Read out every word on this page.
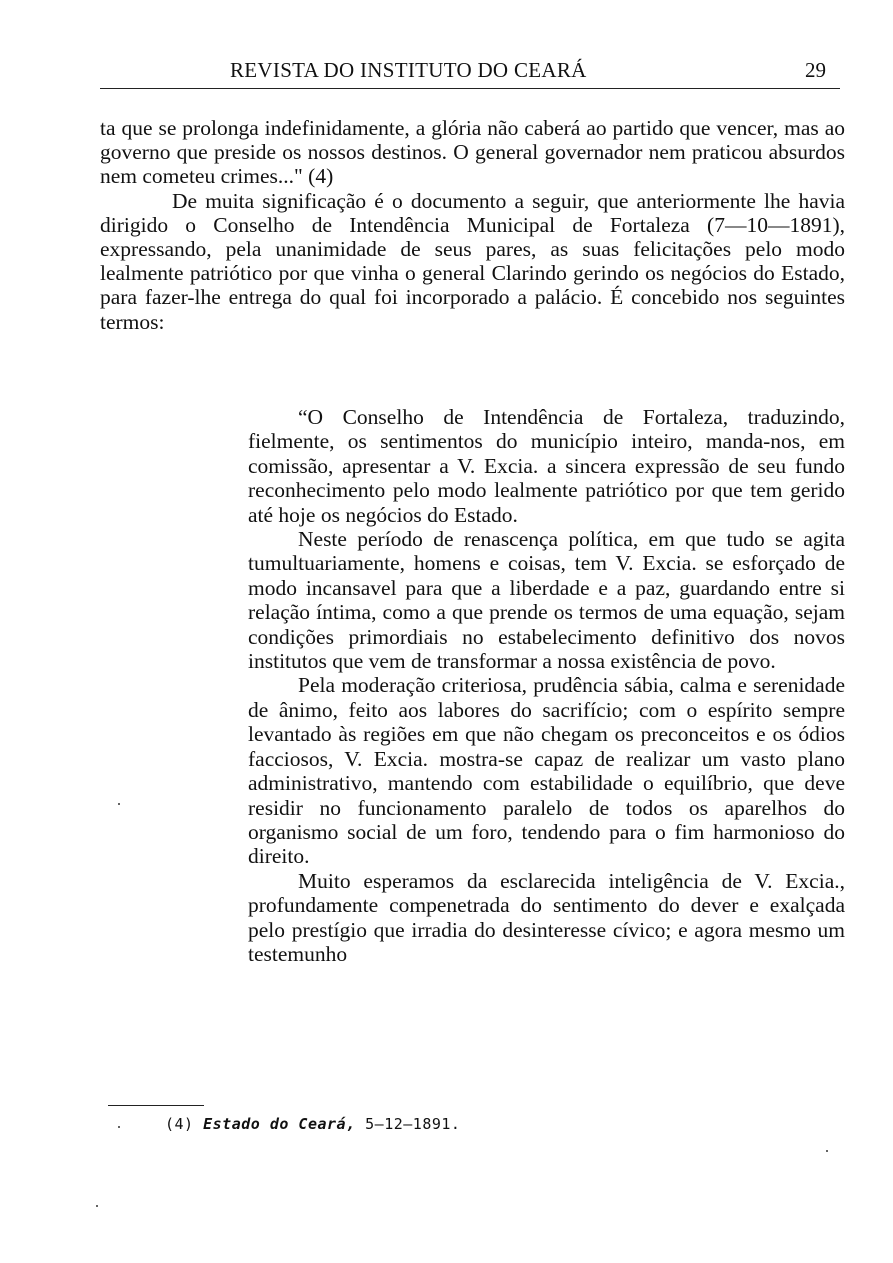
REVISTA DO INSTITUTO DO CEARÁ	29

ta que se prolonga indefinidamente, a glória não caberá ao partido que vencer, mas ao governo que preside os nossos destinos. O general governador nem praticou absurdos nem cometeu crimes..." (4)

De muita significação é o documento a seguir, que anteriormente lhe havia dirigido o Conselho de Intendência Municipal de Fortaleza (7—10—1891), expressando, pela unanimidade de seus pares, as suas felicitações pelo modo lealmente patriótico por que vinha o general Clarindo gerindo os negócios do Estado, para fazer-lhe entrega do qual foi incorporado a palácio. É concebido nos seguintes termos:

“O Conselho de Intendência de Fortaleza, traduzindo, fielmente, os sentimentos do município inteiro, manda-nos, em comissão, apresentar a V. Excia. a sincera expressão de seu fundo reconhecimento pelo modo lealmente patriótico por que tem gerido até hoje os negócios do Estado.

Neste período de renascença política, em que tudo se agita tumultuariamente, homens e coisas, tem V. Excia. se esforçado de modo incansavel para que a liberdade e a paz, guardando entre si relação íntima, como a que prende os termos de uma equação, sejam condições primordiais no estabelecimento definitivo dos novos institutos que vem de transformar a nossa existência de povo.

Pela moderação criteriosa, prudência sábia, calma e serenidade de ânimo, feito aos labores do sacrifício; com o espírito sempre levantado às regiões em que não chegam os preconceitos e os ódios facciosos, V. Excia. mostra-se capaz de realizar um vasto plano administrativo, mantendo com estabilidade o equilíbrio, que deve residir no funcionamento paralelo de todos os aparelhos do organismo social de um foro, tendendo para o fim harmonioso do direito.

Muito esperamos da esclarecida inteligência de V. Excia., profundamente compenetrada do sentimento do dever e exalçada pelo prestígio que irradia do desinteresse cívico; e agora mesmo um testemunho

(4) Estado do Ceará, 5—12—1891.
